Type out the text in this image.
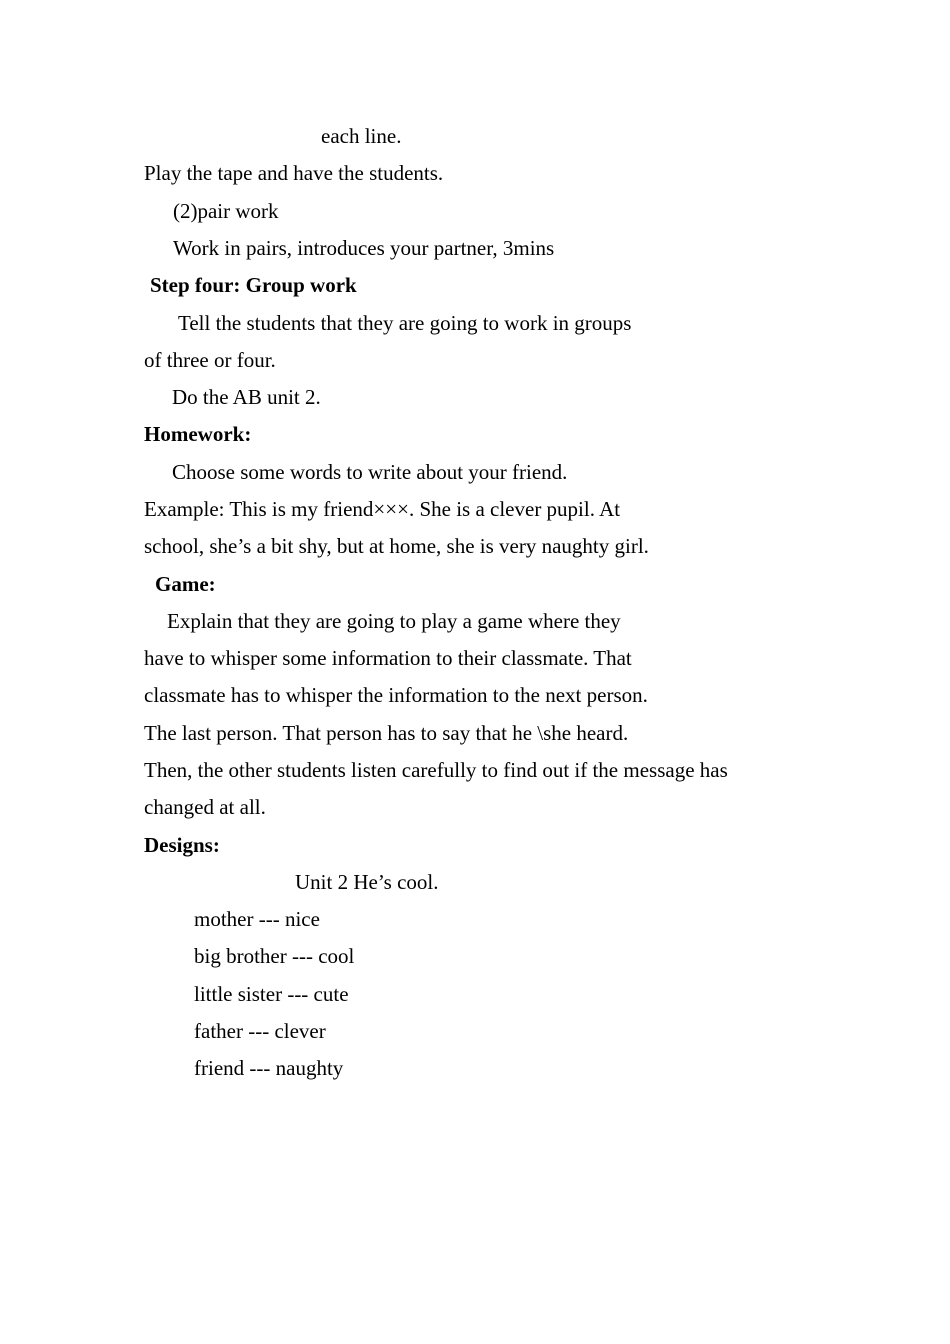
each line.
Play the tape and have the students.
(2)pair work
Work in pairs, introduces your partner, 3mins
Step four: Group work
Tell the students that they are going to work in groups
of three or four.
Do the AB unit 2.
Homework:
Choose some words to write about your friend.
Example: This is my friend×××. She is a clever pupil. At
school, she’s a bit shy, but at home, she is very naughty girl.
Game:
Explain that they are going to play a game where they
have to whisper some information to their classmate. That
classmate has to whisper the information to the next person.
The last person. That person has to say that he \she heard.
Then, the other students listen carefully to find out if the message has
changed at all.
Designs:
Unit 2 He’s cool.
mother --- nice
big brother --- cool
little sister --- cute
father --- clever
friend --- naughty
